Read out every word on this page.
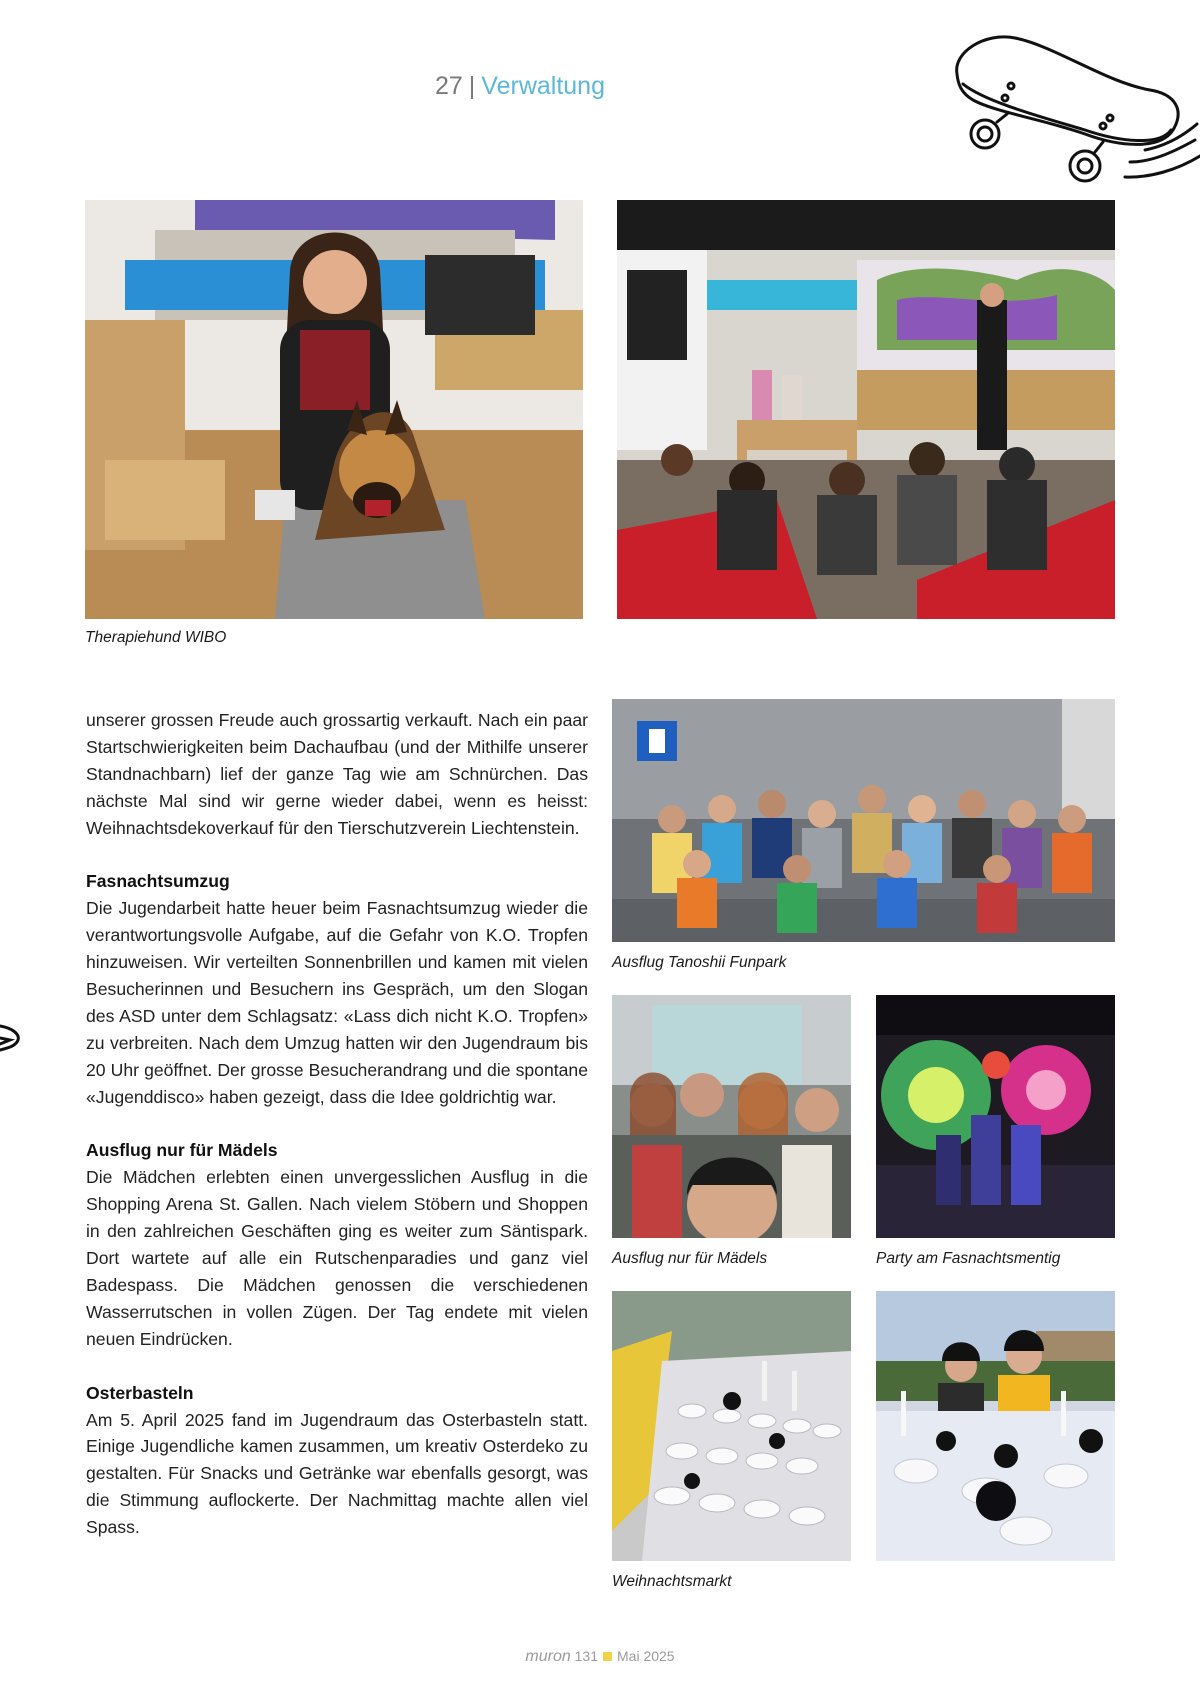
27 | Verwaltung
Therapiehund WIBO

unserer grossen Freude auch grossartig verkauft. Nach ein paar Startschwierigkeiten beim Dachaufbau (und der Mithilfe unserer Standnachbarn) lief der ganze Tag wie am Schnürchen. Das nächste Mal sind wir gerne wieder dabei, wenn es heisst: Weihnachtsdekoverkauf für den Tierschutzverein Liechtenstein.

Fasnachtsumzug

Die Jugendarbeit hatte heuer beim Fasnachtsumzug wieder die verantwortungsvolle Aufgabe, auf die Gefahr von K.O. Tropfen hinzuweisen. Wir verteilten Sonnenbrillen und kamen mit vielen Besucherinnen und Besuchern ins Gespräch, um den Slogan des ASD unter dem Schlagsatz: «Lass dich nicht K.O. Tropfen» zu verbreiten. Nach dem Umzug hatten wir den Jugendraum bis 20 Uhr geöffnet. Der grosse Besucherandrang und die spontane «Jugenddisco» haben gezeigt, dass die Idee goldrichtig war.

Ausflug nur für Mädels

Die Mädchen erlebten einen unvergesslichen Ausflug in die Shopping Arena St. Gallen. Nach vielem Stöbern und Shoppen in den zahlreichen Geschäften ging es weiter zum Säntispark. Dort wartete auf alle ein Rutschenparadies und ganz viel Badespass. Die Mädchen genossen die verschiedenen Wasserrutschen in vollen Zügen. Der Tag endete mit vielen neuen Eindrücken.

Osterbasteln

Am 5. April 2025 fand im Jugendraum das Osterbasteln statt. Einige Jugendliche kamen zusammen, um kreativ Osterdeko zu gestalten. Für Snacks und Getränke war ebenfalls gesorgt, was die Stimmung auflockerte. Der Nachmittag machte allen viel Spass.

Ausflug Tanoshii Funpark
Ausflug nur für Mädels	Party am Fasnachtsmentig
Weihnachtsmarkt
muron 131 Mai 2025
